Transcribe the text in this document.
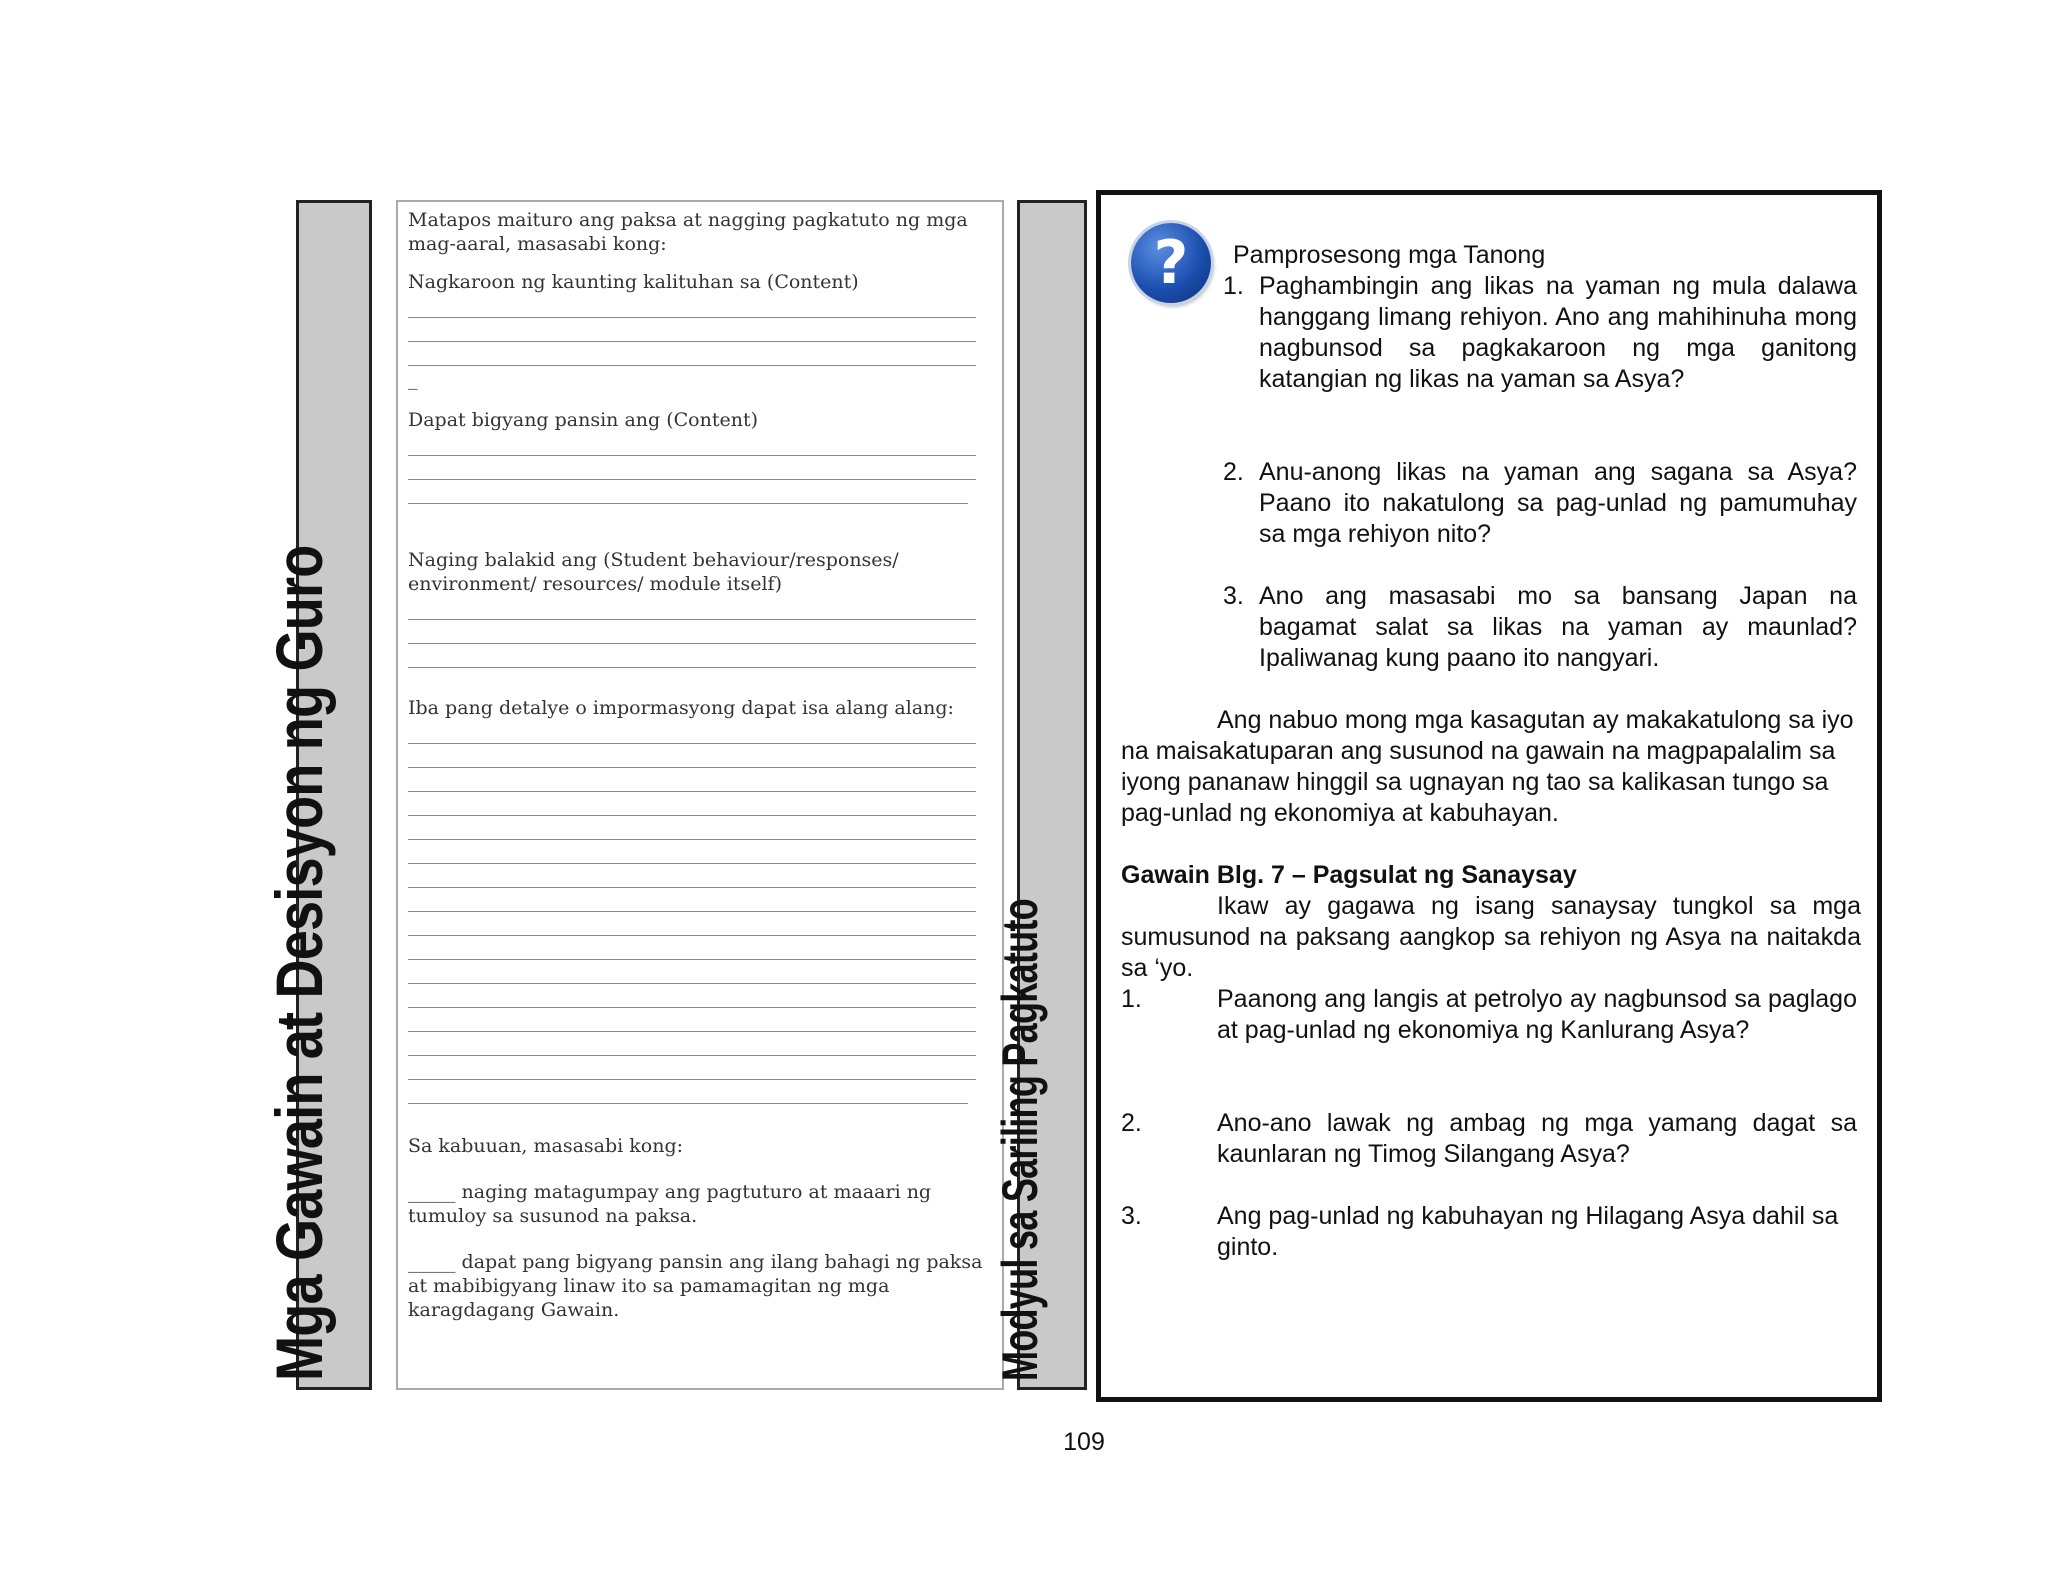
Mga Gawain at Desisyon ng Guro

Matapos maituro ang paksa at nagging pagkatuto ng mga mag-aaral, masasabi kong:

Nagkaroon ng kaunting kalituhan sa (Content)

_

Dapat bigyang pansin ang (Content)

Naging balakid ang (Student behaviour/responses/ environment/ resources/ module itself)

Iba pang detalye o impormasyong dapat isa alang alang:

Sa kabuuan, masasabi kong:

_____ naging matagumpay ang pagtuturo at maaari ng tumuloy sa susunod na paksa.

_____ dapat pang bigyang pansin ang ilang bahagi ng paksa at mabibigyang linaw ito sa pamamagitan ng mga karagdagang Gawain.	Modyul sa Sariling Pagkatuto
?	Pamprosesong mga Tanong
1. Paghambingin ang likas na yaman ng mula dalawa hanggang limang rehiyon. Ano ang mahihinuha mong nagbunsod sa pagkakaroon ng mga ganitong katangian ng likas na yaman sa Asya?
2. Anu-anong likas na yaman ang sagana sa Asya? Paano ito nakatulong sa pag-unlad ng pamumuhay sa mga rehiyon nito?
3. Ano ang masasabi mo sa bansang Japan na bagamat salat sa likas na yaman ay maunlad? Ipaliwanag kung paano ito nangyari.
Ang nabuo mong mga kasagutan ay makakatulong sa iyo na maisakatuparan ang susunod na gawain na magpapalalim sa iyong pananaw hinggil sa ugnayan ng tao sa kalikasan tungo sa pag-unlad ng ekonomiya at kabuhayan.
Gawain Blg. 7 – Pagsulat ng Sanaysay
Ikaw ay gagawa ng isang sanaysay tungkol sa mga sumusunod na paksang aangkop sa rehiyon ng Asya na naitakda sa ‘yo.
1.	Paanong ang langis at petrolyo ay nagbunsod sa paglago at pag-unlad ng ekonomiya ng Kanlurang Asya?
2.	Ano-ano lawak ng ambag ng mga yamang dagat sa kaunlaran ng Timog Silangang Asya?
3.	Ang pag-unlad ng kabuhayan ng Hilagang Asya dahil sa ginto.
109
